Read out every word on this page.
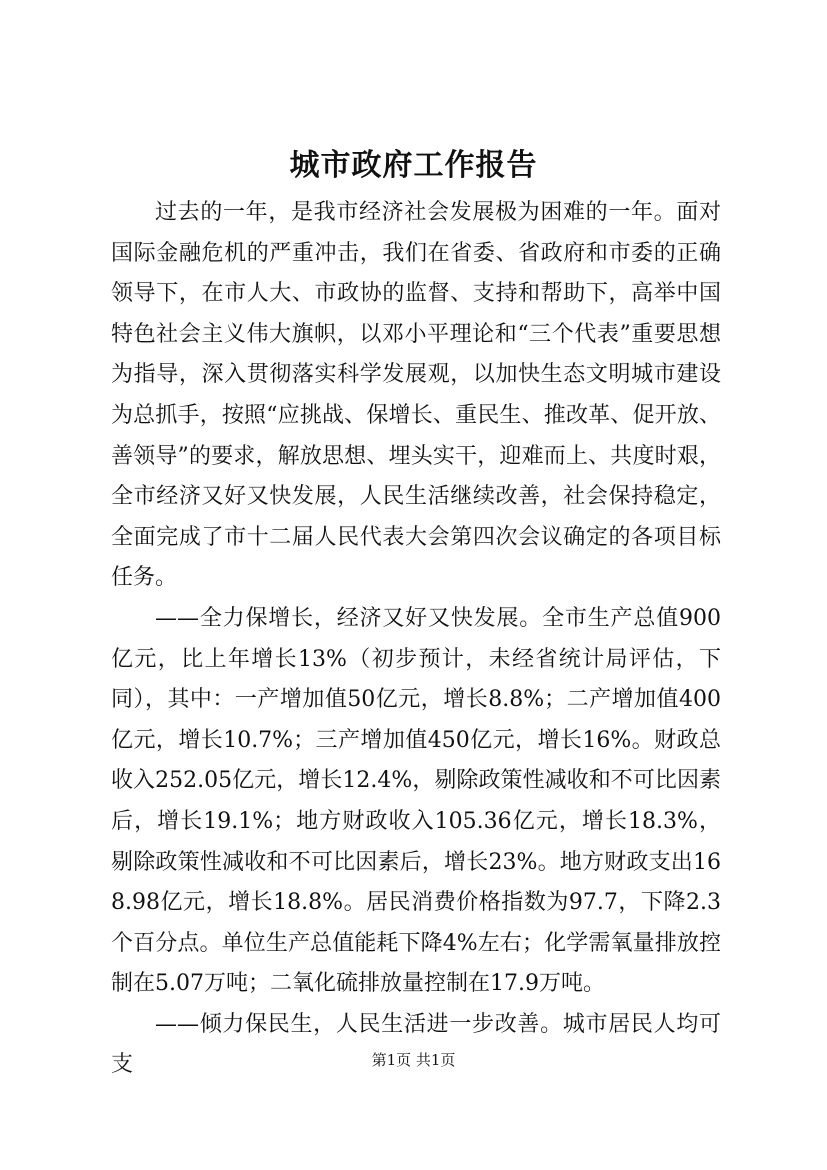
城市政府工作报告

过去的一年，是我市经济社会发展极为困难的一年。面对国际金融危机的严重冲击，我们在省委、省政府和市委的正确领导下，在市人大、市政协的监督、支持和帮助下，高举中国特色社会主义伟大旗帜，以邓小平理论和“三个代表”重要思想为指导，深入贯彻落实科学发展观，以加快生态文明城市建设为总抓手，按照“应挑战、保增长、重民生、推改革、促开放、善领导”的要求，解放思想、埋头实干，迎难而上、共度时艰，全市经济又好又快发展，人民生活继续改善，社会保持稳定，全面完成了市十二届人民代表大会第四次会议确定的各项目标任务。

——全力保增长，经济又好又快发展。全市生产总值900亿元，比上年增长13%（初步预计，未经省统计局评估，下同），其中：一产增加值50亿元，增长8.8%；二产增加值400亿元，增长10.7%；三产增加值450亿元，增长16%。财政总收入252.05亿元，增长12.4%，剔除政策性减收和不可比因素后，增长19.1%；地方财政收入105.36亿元，增长18.3%，剔除政策性减收和不可比因素后，增长23%。地方财政支出168.98亿元，增长18.8%。居民消费价格指数为97.7，下降2.3个百分点。单位生产总值能耗下降4%左右；化学需氧量排放控制在5.07万吨；二氧化硫排放量控制在17.9万吨。

——倾力保民生，人民生活进一步改善。城市居民人均可支	第1页 共1页
